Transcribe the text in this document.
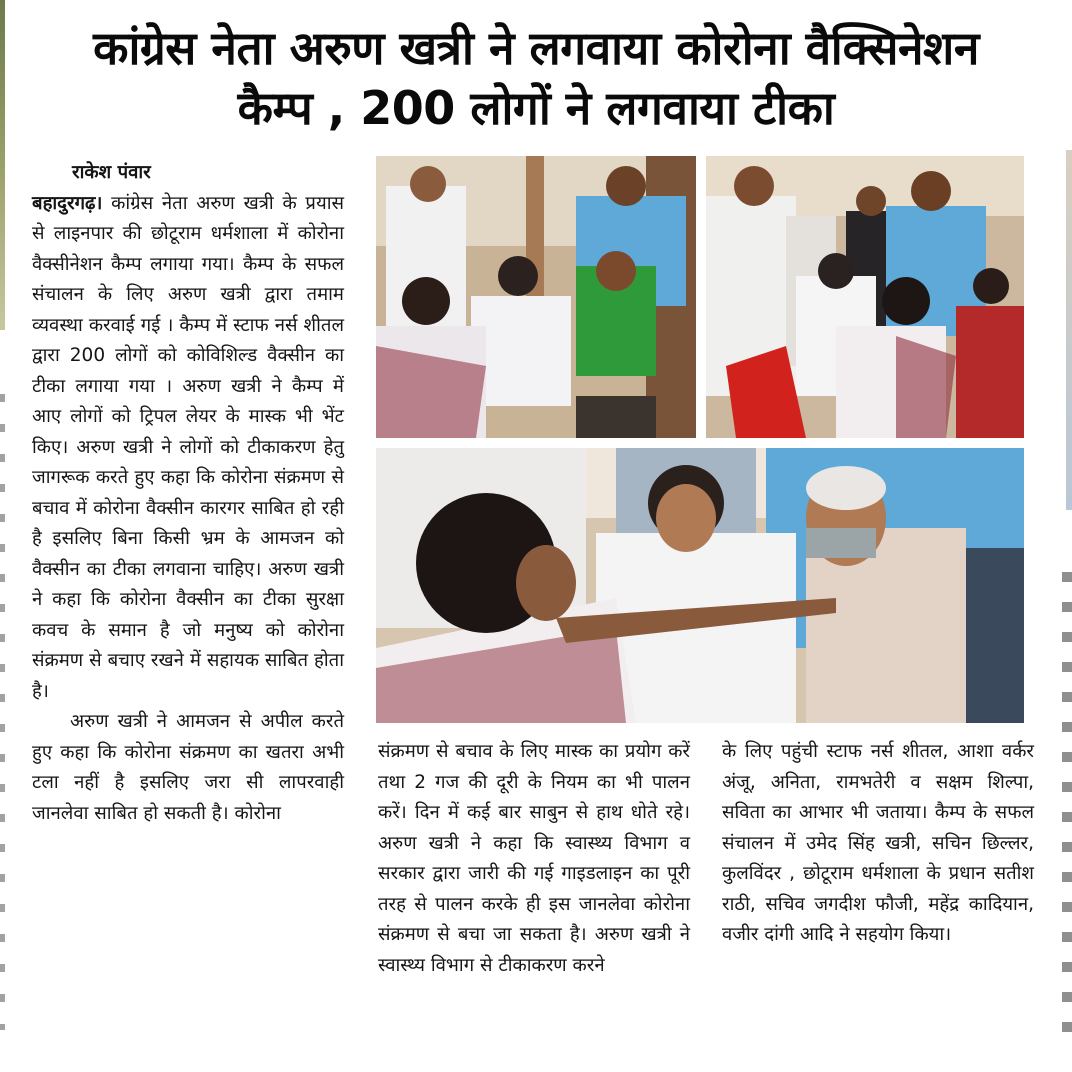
कांग्रेस नेता अरुण खत्री ने लगवाया कोरोना वैक्सिनेशन
कैम्प , 200 लोगों ने लगवाया टीका

राकेश पंवार

बहादुरगढ़। कांग्रेस नेता अरुण खत्री के प्रयास से लाइनपार की छोटूराम धर्मशाला में कोरोना वैक्सीनेशन कैम्प लगाया गया। कैम्प के सफल संचालन के लिए अरुण खत्री द्वारा तमाम व्यवस्था करवाई गई । कैम्प में स्टाफ नर्स शीतल द्वारा 200 लोगों को कोविशिल्ड वैक्सीन का टीका लगाया गया । अरुण खत्री ने कैम्प में आए लोगों को ट्रिपल लेयर के मास्क भी भेंट किए। अरुण खत्री ने लोगों को टीकाकरण हेतु जागरूक करते हुए कहा कि कोरोना संक्रमण से बचाव में कोरोना वैक्सीन कारगर साबित हो रही है इसलिए बिना किसी भ्रम के आमजन को वैक्सीन का टीका लगवाना चाहिए। अरुण खत्री ने कहा कि कोरोना वैक्सीन का टीका सुरक्षा कवच के समान है जो मनुष्य को कोरोना संक्रमण से बचाए रखने में सहायक साबित होता है।

अरुण खत्री ने आमजन से अपील करते हुए कहा कि कोरोना संक्रमण का खतरा अभी टला नहीं है इसलिए जरा सी लापरवाही जानलेवा साबित हो सकती है। कोरोना

संक्रमण से बचाव के लिए मास्क का प्रयोग करें तथा 2 गज की दूरी के नियम का भी पालन करें। दिन में कई बार साबुन से हाथ धोते रहे। अरुण खत्री ने कहा कि स्वास्थ्य विभाग व सरकार द्वारा जारी की गई गाइडलाइन का पूरी तरह से पालन करके ही इस जानलेवा कोरोना संक्रमण से बचा जा सकता है। अरुण खत्री ने स्वास्थ्य विभाग से टीकाकरण करने

के लिए पहुंची स्टाफ नर्स शीतल, आशा वर्कर अंजू, अनिता, रामभतेरी व सक्षम शिल्पा, सविता का आभार भी जताया। कैम्प के सफल संचालन में उमेद सिंह खत्री, सचिन छिल्लर, कुलविंदर , छोटूराम धर्मशाला के प्रधान सतीश राठी, सचिव जगदीश फौजी, महेंद्र कादियान, वजीर दांगी आदि ने सहयोग किया।
